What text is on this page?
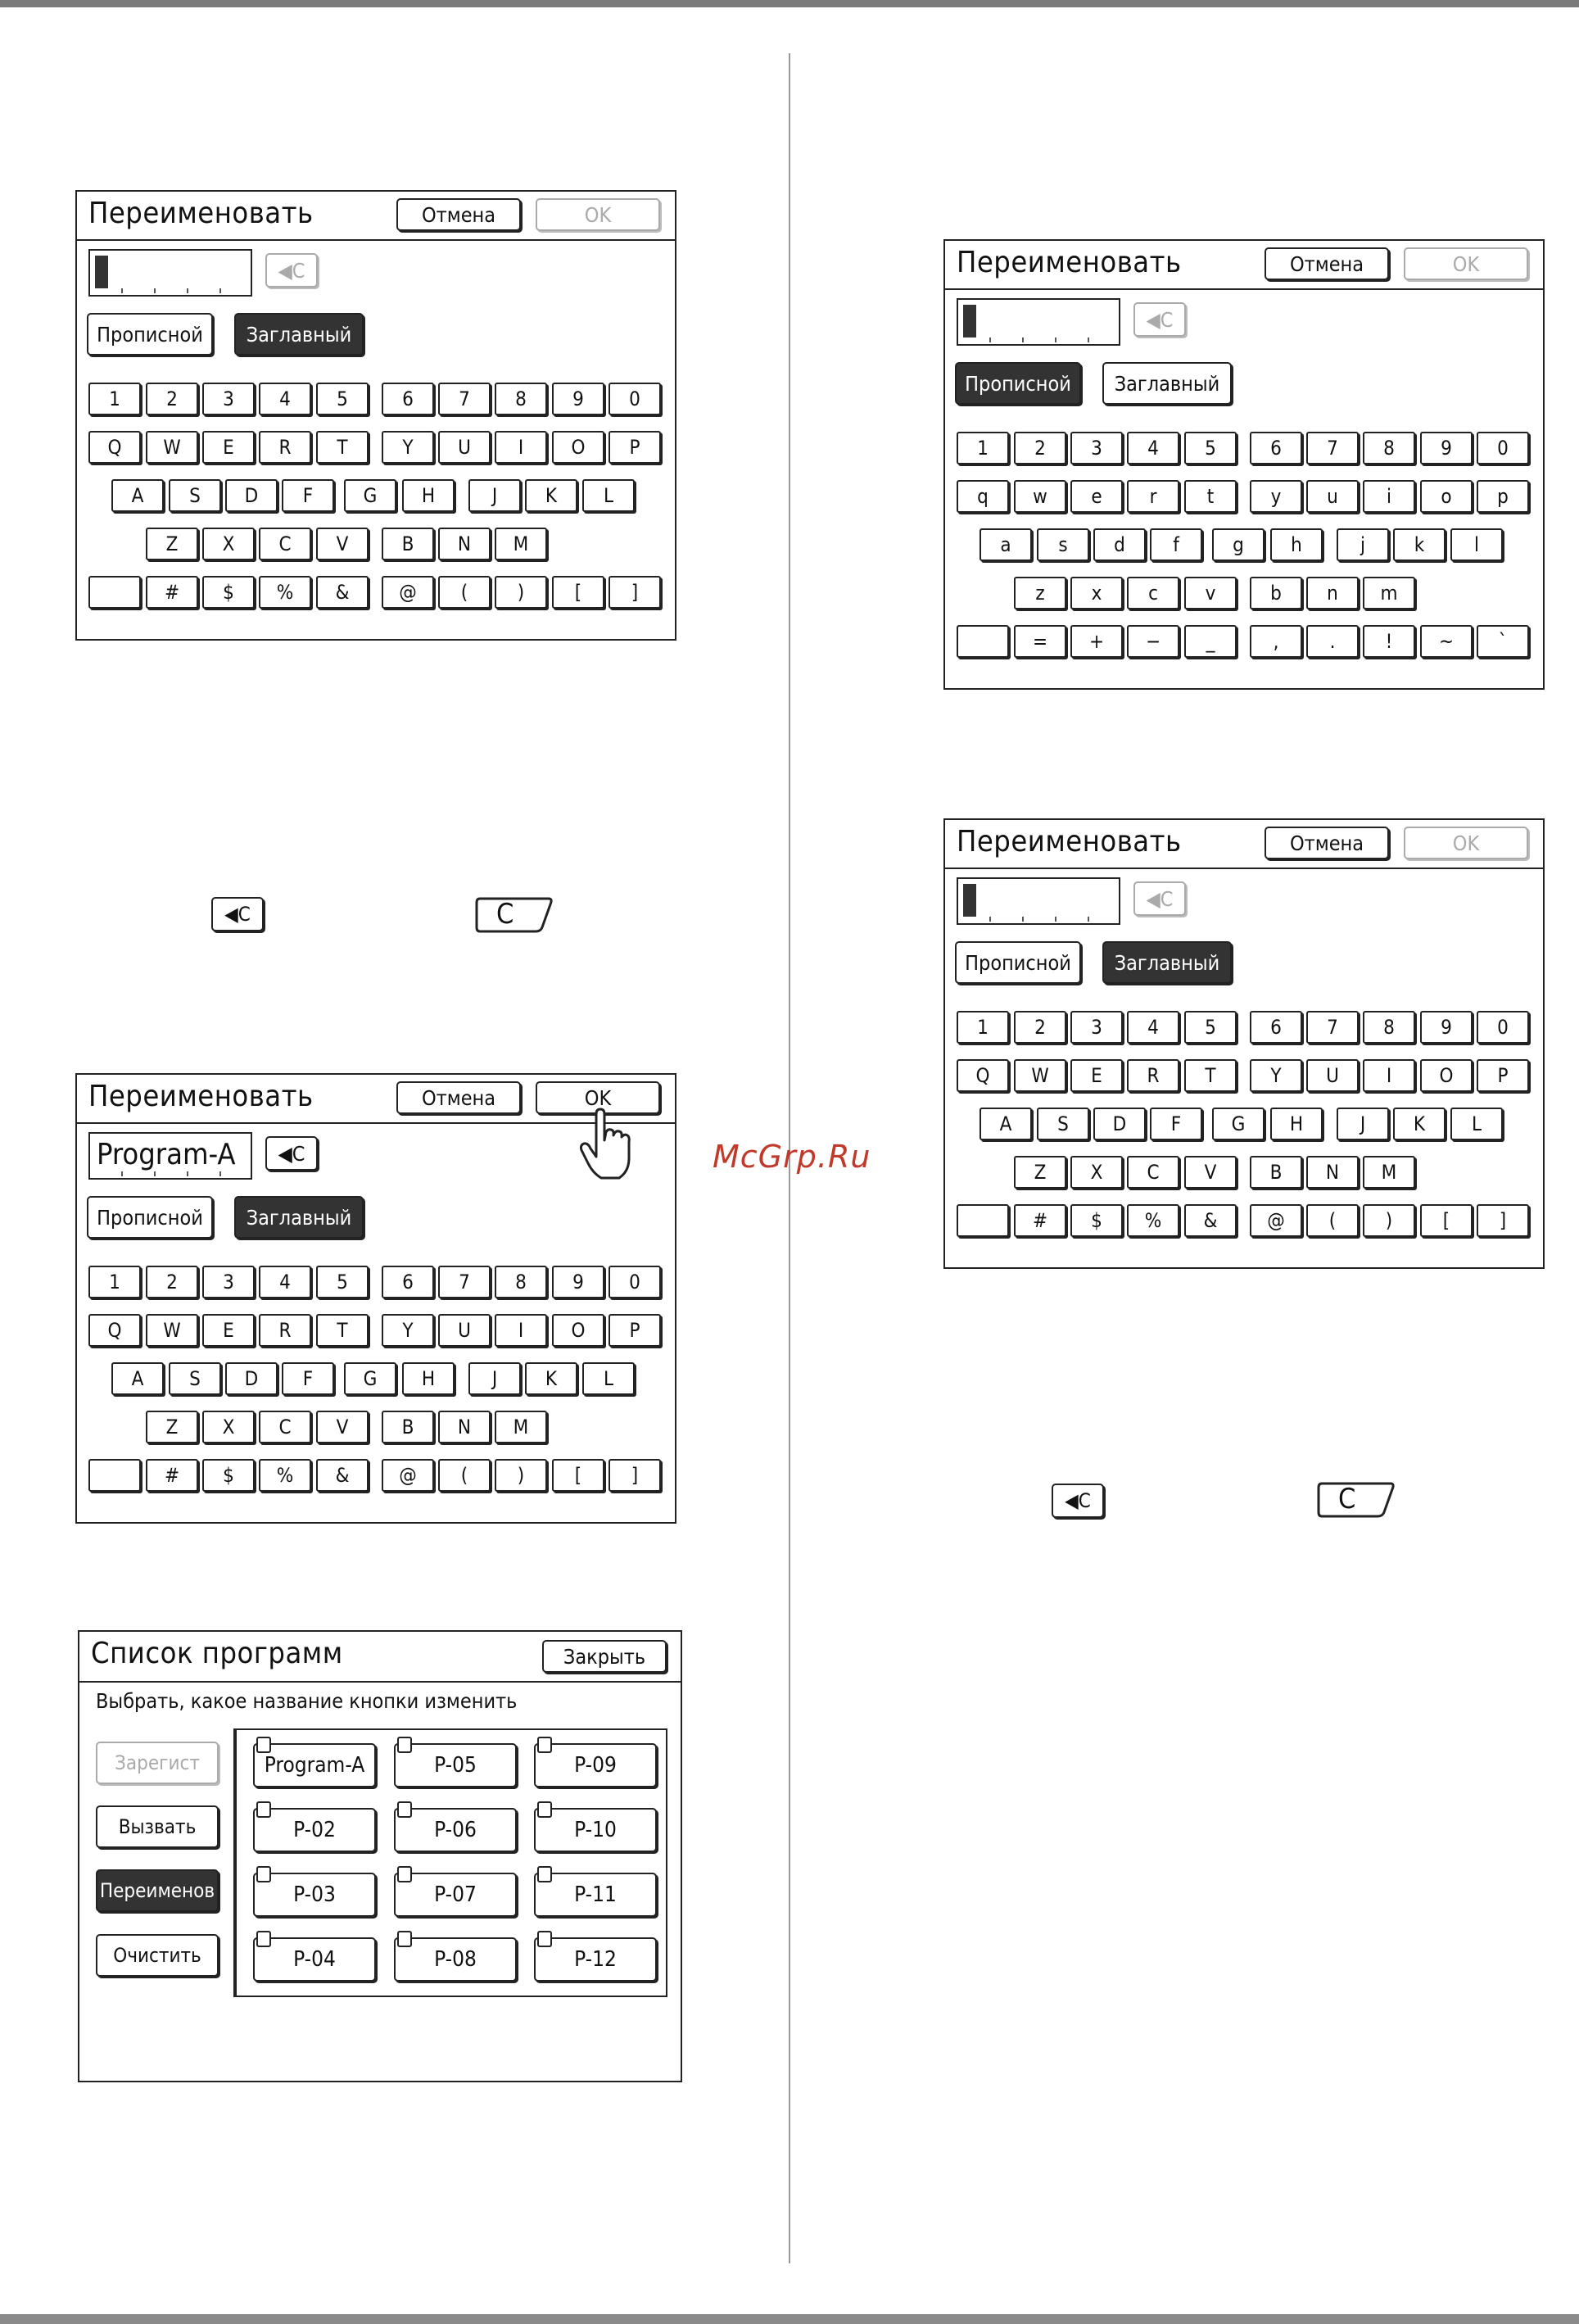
McGrp.Ru
Переименовать	Отмена	OK
◀C
Прописной	Заглавный
1	2	3	4	5	6	7	8	9	0
Q	W	E	R	T	Y	U	I	O	P
A	S	D	F	G	H	J	K	L
Z	X	C	V	B	N	M
#	$	%	&	@	(	)	[	]
Переименовать	Отмена	OK
◀C
Прописной	Заглавный
1	2	3	4	5	6	7	8	9	0
q	w	e	r	t	y	u	i	o	p
a	s	d	f	g	h	j	k	l
z	x	c	v	b	n	m
=	+	−	_	,	.	!	~	`
Переименовать	Отмена	OK
Program-A	◀C
Прописной	Заглавный
1	2	3	4	5	6	7	8	9	0
Q	W	E	R	T	Y	U	I	O	P
A	S	D	F	G	H	J	K	L
Z	X	C	V	B	N	M
#	$	%	&	@	(	)	[	]
Переименовать	Отмена	OK
◀C
Прописной	Заглавный
1	2	3	4	5	6	7	8	9	0
Q	W	E	R	T	Y	U	I	O	P
A	S	D	F	G	H	J	K	L
Z	X	C	V	B	N	M
#	$	%	&	@	(	)	[	]
◀C	C
◀C	C
Список программ	Закрыть
Выбрать, какое название кнопки изменить
Зарегист
Вызвать
Переименов
Очистить
Program-A	P-05	P-09
P-02	P-06	P-10
P-03	P-07	P-11
P-04	P-08	P-12
